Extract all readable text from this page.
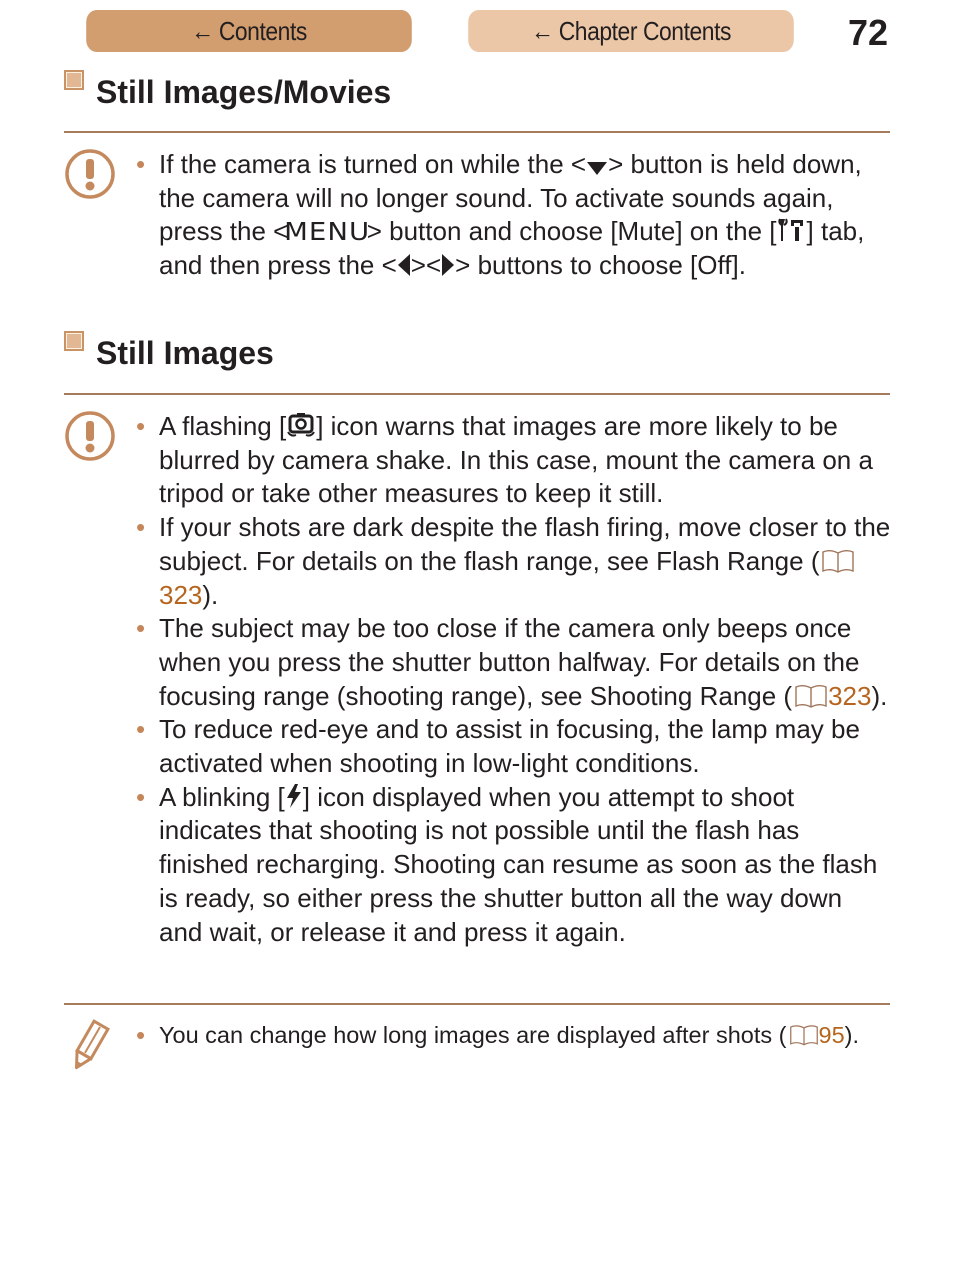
← Contents	← Chapter Contents	72
Still Images/Movies
• If the camera is turned on while the < > button is held down, the camera will no longer sound. To activate sounds again, press the <MENU> button and choose [Mute] on the [ ] tab, and then press the < >< > buttons to choose [Off].
Still Images
• A flashing [ ] icon warns that images are more likely to be blurred by camera shake. In this case, mount the camera on a tripod or take other measures to keep it still.
• If your shots are dark despite the flash firing, move closer to the subject. For details on the flash range, see Flash Range (323).
• The subject may be too close if the camera only beeps once when you press the shutter button halfway. For details on the focusing range (shooting range), see Shooting Range ( 323).
• To reduce red-eye and to assist in focusing, the lamp may be activated when shooting in low-light conditions.
• A blinking [ ] icon displayed when you attempt to shoot indicates that shooting is not possible until the flash has finished recharging. Shooting can resume as soon as the flash is ready, so either press the shutter button all the way down and wait, or release it and press it again.
• You can change how long images are displayed after shots ( 95).
